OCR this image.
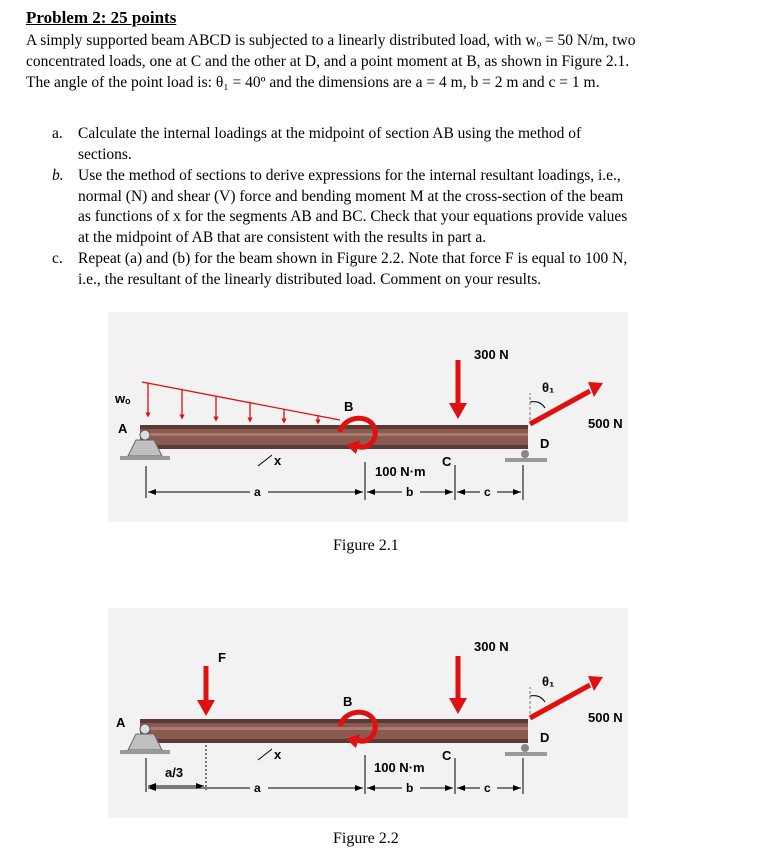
Problem 2: 25 points
A simply supported beam ABCD is subjected to a linearly distributed load, with wₒ = 50 N/m, two
concentrated loads, one at C and the other at D, and a point moment at B, as shown in Figure 2.1.
The angle of the point load is: θ₁ = 40º and the dimensions are a = 4 m, b = 2 m and c = 1 m.
a. Calculate the internal loadings at the midpoint of section AB using the method of
sections.
b. Use the method of sections to derive expressions for the internal resultant loadings, i.e.,
normal (N) and shear (V) force and bending moment M at the cross-section of the beam
as functions of x for the segments AB and BC. Check that your equations provide values
at the midpoint of AB that are consistent with the results in part a.
c. Repeat (a) and (b) for the beam shown in Figure 2.2. Note that force F is equal to 100 N,
i.e., the resultant of the linearly distributed load. Comment on your results.
wₒ
A
B
C
D
x
100 N·m
300 N
500 N
θ₁
a	b	c
Figure 2.1
F
A
B
C
D
x
a/3	100 N·m
300 N
500 N
θ₁
a	b	c
Figure 2.2
